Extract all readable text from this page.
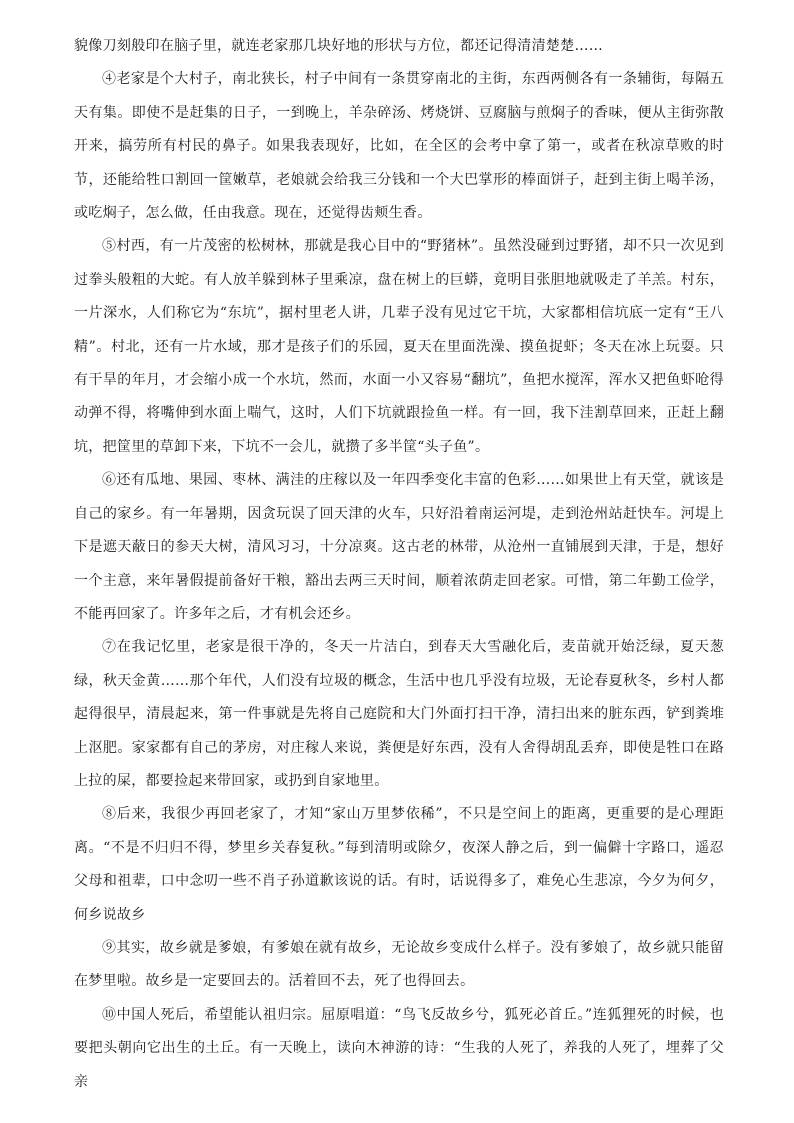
貌像刀刻般印在脑子里，就连老家那几块好地的形状与方位，都还记得清清楚楚……

④老家是个大村子，南北狭长，村子中间有一条贯穿南北的主街，东西两侧各有一条辅街，每隔五天有集。即使不是赶集的日子，一到晚上，羊杂碎汤、烤烧饼、豆腐脑与煎焖子的香味，便从主街弥散开来，搞劳所有村民的鼻子。如果我表现好，比如，在全区的会考中拿了第一，或者在秋凉草败的时节，还能给牲口割回一筐嫩草，老娘就会给我三分钱和一个大巴掌形的棒面饼子，赶到主街上喝羊汤，或吃焖子，怎么做，任由我意。现在，还觉得齿颊生香。

⑤村西，有一片茂密的松树林，那就是我心目中的“野猪林”。虽然没碰到过野猪，却不只一次见到过拳头般粗的大蛇。有人放羊躲到林子里乘凉，盘在树上的巨蟒，竟明目张胆地就吸走了羊羔。村东，一片深水，人们称它为“东坑”，据村里老人讲，几辈子没有见过它干坑，大家都相信坑底一定有“王八精”。村北，还有一片水域，那才是孩子们的乐园，夏天在里面洗澡、摸鱼捉虾；冬天在冰上玩耍。只有干旱的年月，才会缩小成一个水坑，然而，水面一小又容易“翻坑”，鱼把水搅浑，浑水又把鱼虾呛得动弹不得，将嘴伸到水面上喘气，这时，人们下坑就跟捡鱼一样。有一回，我下洼割草回来，正赶上翻坑，把筐里的草卸下来，下坑不一会儿，就攒了多半筐“头子鱼”。

⑥还有瓜地、果园、枣林、满洼的庄稼以及一年四季变化丰富的色彩……如果世上有天堂，就该是自己的家乡。有一年暑期，因贪玩误了回天津的火车，只好沿着南运河堤，走到沧州站赶快车。河堤上下是遮天蔽日的参天大树，清风习习，十分凉爽。这古老的林带，从沧州一直铺展到天津，于是，想好一个主意，来年暑假提前备好干粮，豁出去两三天时间，顺着浓荫走回老家。可惜，第二年勤工俭学，不能再回家了。许多年之后，才有机会还乡。

⑦在我记忆里，老家是很干净的，冬天一片洁白，到春天大雪融化后，麦苗就开始泛绿，夏天葱绿，秋天金黄……那个年代，人们没有垃圾的概念，生活中也几乎没有垃圾，无论春夏秋冬，乡村人都起得很早，清晨起来，第一件事就是先将自己庭院和大门外面打扫干净，清扫出来的脏东西，铲到粪堆上沤肥。家家都有自己的茅房，对庄稼人来说，粪便是好东西，没有人舍得胡乱丢弃，即使是牲口在路上拉的屎，都要捡起来带回家，或扔到自家地里。

⑧后来，我很少再回老家了，才知“家山万里梦依稀”，不只是空间上的距离，更重要的是心理距离。“不是不归归不得，梦里乡关春复秋。”每到清明或除夕，夜深人静之后，到一偏僻十字路口，遥忍父母和祖辈，口中念叨一些不肖子孙道歉该说的话。有时，话说得多了，难免心生悲凉，今夕为何夕，何乡说故乡

⑨其实，故乡就是爹娘，有爹娘在就有故乡，无论故乡变成什么样子。没有爹娘了，故乡就只能留在梦里啦。故乡是一定要回去的。活着回不去，死了也得回去。

⑩中国人死后，希望能认祖归宗。屈原唱道：“鸟飞反故乡兮，狐死必首丘。”连狐狸死的时候，也要把头朝向它出生的土丘。有一天晚上，读向木神游的诗：“生我的人死了，养我的人死了，埋葬了父亲
